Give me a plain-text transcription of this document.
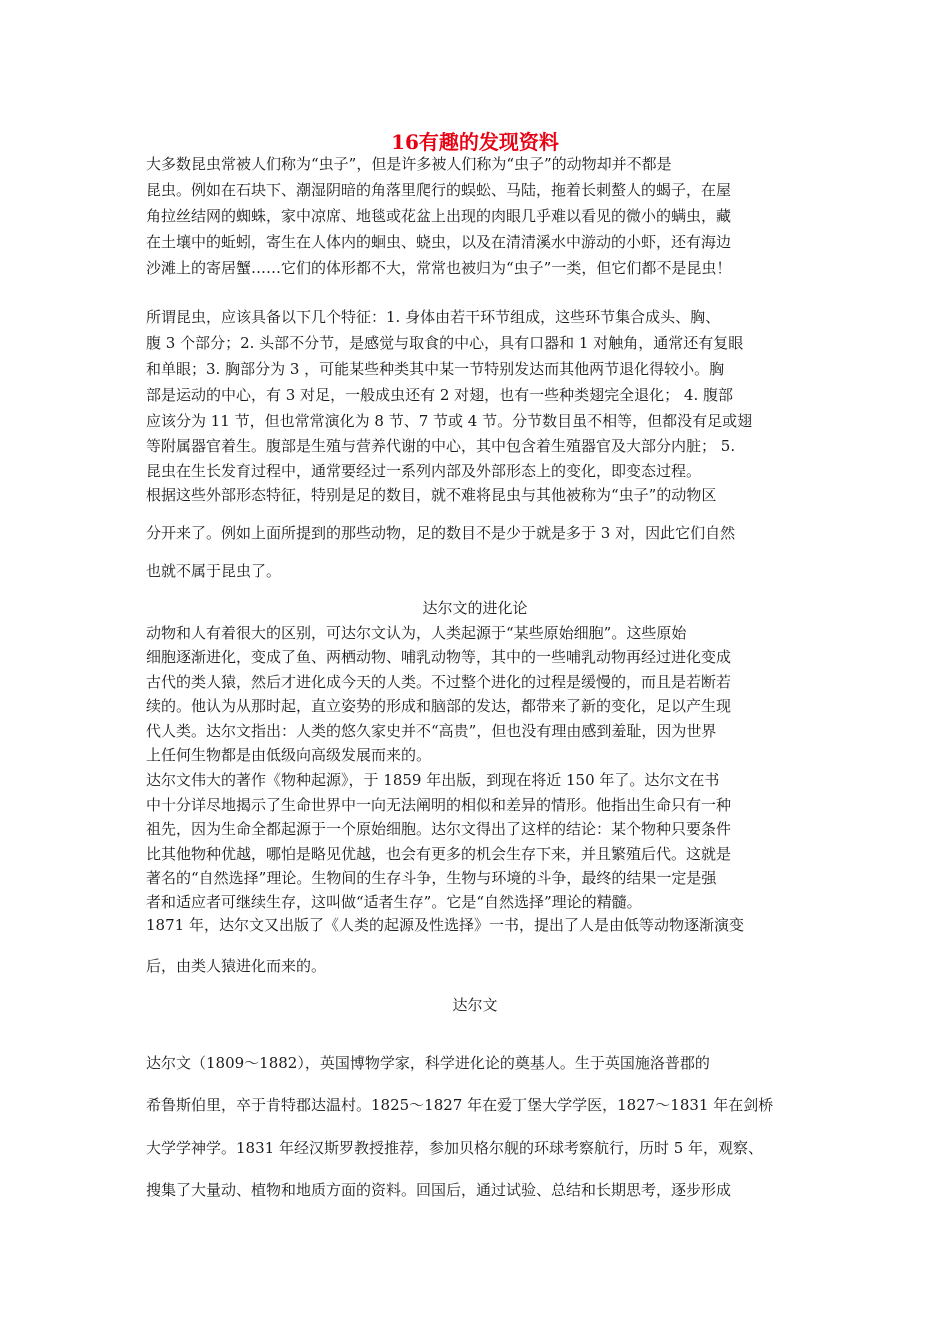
16有趣的发现资料
大多数昆虫常被人们称为“虫子”，但是许多被人们称为“虫子”的动物却并不都是
昆虫。例如在石块下、潮湿阴暗的角落里爬行的蜈蚣、马陆，拖着长刺螯人的蝎子，在屋
角拉丝结网的蜘蛛，家中凉席、地毯或花盆上出现的肉眼几乎难以看见的微小的螨虫，藏
在土壤中的蚯蚓，寄生在人体内的蛔虫、蛲虫，以及在清清溪水中游动的小虾，还有海边
沙滩上的寄居蟹……它们的体形都不大，常常也被归为“虫子”一类，但它们都不是昆虫！
所谓昆虫，应该具备以下几个特征：1. 身体由若干环节组成，这些环节集合成头、胸、
腹 3 个部分；2. 头部不分节，是感觉与取食的中心，具有口器和 1 对触角，通常还有复眼
和单眼；3. 胸部分为 3 ，可能某些种类其中某一节特别发达而其他两节退化得较小。胸
部是运动的中心，有 3 对足，一般成虫还有 2 对翅，也有一些种类翅完全退化； 4. 腹部
应该分为 11 节，但也常常演化为 8 节、7 节或 4 节。分节数目虽不相等，但都没有足或翅
等附属器官着生。腹部是生殖与营养代谢的中心，其中包含着生殖器官及大部分内脏； 5.
昆虫在生长发育过程中，通常要经过一系列内部及外部形态上的变化，即变态过程。
根据这些外部形态特征，特别是足的数目，就不难将昆虫与其他被称为“虫子”的动物区
分开来了。例如上面所提到的那些动物，足的数目不是少于就是多于 3 对，因此它们自然
也就不属于昆虫了。
达尔文的进化论
动物和人有着很大的区别，可达尔文认为，人类起源于“某些原始细胞”。这些原始
细胞逐渐进化，变成了鱼、两栖动物、哺乳动物等，其中的一些哺乳动物再经过进化变成
古代的类人猿，然后才进化成今天的人类。不过整个进化的过程是缓慢的，而且是若断若
续的。他认为从那时起，直立姿势的形成和脑部的发达，都带来了新的变化，足以产生现
代人类。达尔文指出：人类的悠久家史并不“高贵”，但也没有理由感到羞耻，因为世界
上任何生物都是由低级向高级发展而来的。
达尔文伟大的著作《物种起源》，于 1859 年出版，到现在将近 150 年了。达尔文在书
中十分详尽地揭示了生命世界中一向无法阐明的相似和差异的情形。他指出生命只有一种
祖先，因为生命全都起源于一个原始细胞。达尔文得出了这样的结论：某个物种只要条件
比其他物种优越，哪怕是略见优越，也会有更多的机会生存下来，并且繁殖后代。这就是
著名的“自然选择”理论。生物间的生存斗争，生物与环境的斗争，最终的结果一定是强
者和适应者可继续生存，这叫做“适者生存”。它是“自然选择”理论的精髓。
1871 年，达尔文又出版了《人类的起源及性选择》一书，提出了人是由低等动物逐渐演变
后，由类人猿进化而来的。
达尔文
达尔文（1809～1882），英国博物学家，科学进化论的奠基人。生于英国施洛普郡的
希鲁斯伯里，卒于肯特郡达温村。1825～1827 年在爱丁堡大学学医，1827～1831 年在剑桥
大学学神学。1831 年经汉斯罗教授推荐，参加贝格尔舰的环球考察航行，历时 5 年，观察、
搜集了大量动、植物和地质方面的资料。回国后，通过试验、总结和长期思考，逐步形成
